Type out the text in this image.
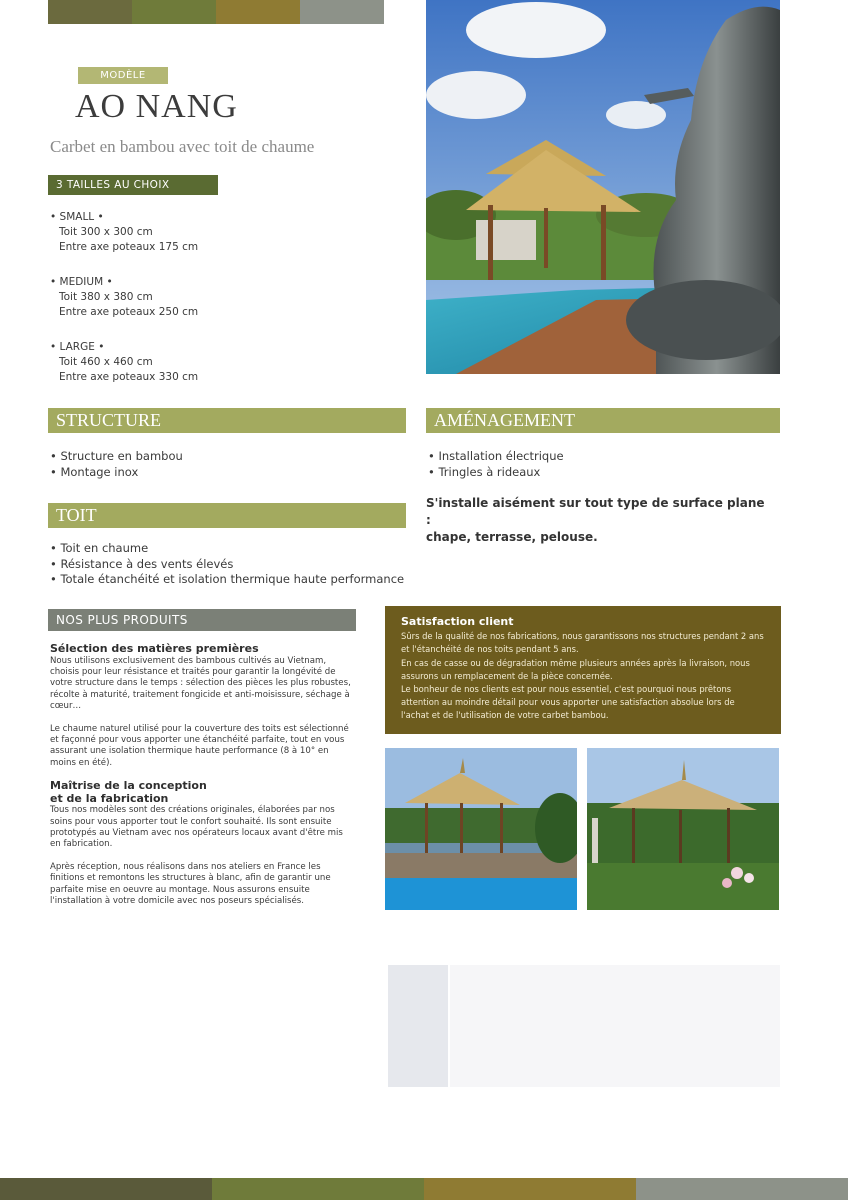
MODÈLE
AO NANG
Carbet en bambou avec toit de chaume
3 TAILLES AU CHOIX
• SMALL •
Toit 300 x 300 cm
Entre axe poteaux 175 cm
• MEDIUM •
Toit 380 x 380 cm
Entre axe poteaux 250 cm
• LARGE •
Toit 460 x 460 cm
Entre axe poteaux 330 cm
STRUCTURE
• Structure en bambou
• Montage inox
AMÉNAGEMENT
• Installation électrique
• Tringles à rideaux
S'installe aisément sur tout type de surface plane :
chape, terrasse, pelouse.
TOIT
• Toit en chaume
• Résistance à des vents élevés
• Totale étanchéité et isolation thermique haute performance
NOS PLUS PRODUITS
Sélection des matières premières

Nous utilisons exclusivement des bambous cultivés au Vietnam, choisis pour leur résistance et traités pour garantir la longévité de votre structure dans le temps : sélection des pièces les plus robustes, récolte à maturité, traitement fongicide et anti-moisissure, séchage à cœur…

Le chaume naturel utilisé pour la couverture des toits est sélectionné et façonné pour vous apporter une étanchéité parfaite, tout en vous assurant une isolation thermique haute performance (8 à 10° en moins en été).

Maîtrise de la conception
et de la fabrication

Tous nos modèles sont des créations originales, élaborées par nos soins pour vous apporter tout le confort souhaité. Ils sont ensuite prototypés au Vietnam avec nos opérateurs locaux avant d'être mis en fabrication.

Après réception, nous réalisons dans nos ateliers en France les finitions et remontons les structures à blanc, afin de garantir une parfaite mise en oeuvre au montage. Nous assurons ensuite l'installation à votre domicile avec nos poseurs spécialisés.

Satisfaction client
Sûrs de la qualité de nos fabrications, nous garantissons nos structures pendant 2 ans et l'étanchéité de nos toits pendant 5 ans.
En cas de casse ou de dégradation même plusieurs années après la livraison, nous assurons un remplacement de la pièce concernée.
Le bonheur de nos clients est pour nous essentiel, c'est pourquoi nous prêtons attention au moindre détail pour vous apporter une satisfaction absolue lors de l'achat et de l'utilisation de votre carbet bambou.
